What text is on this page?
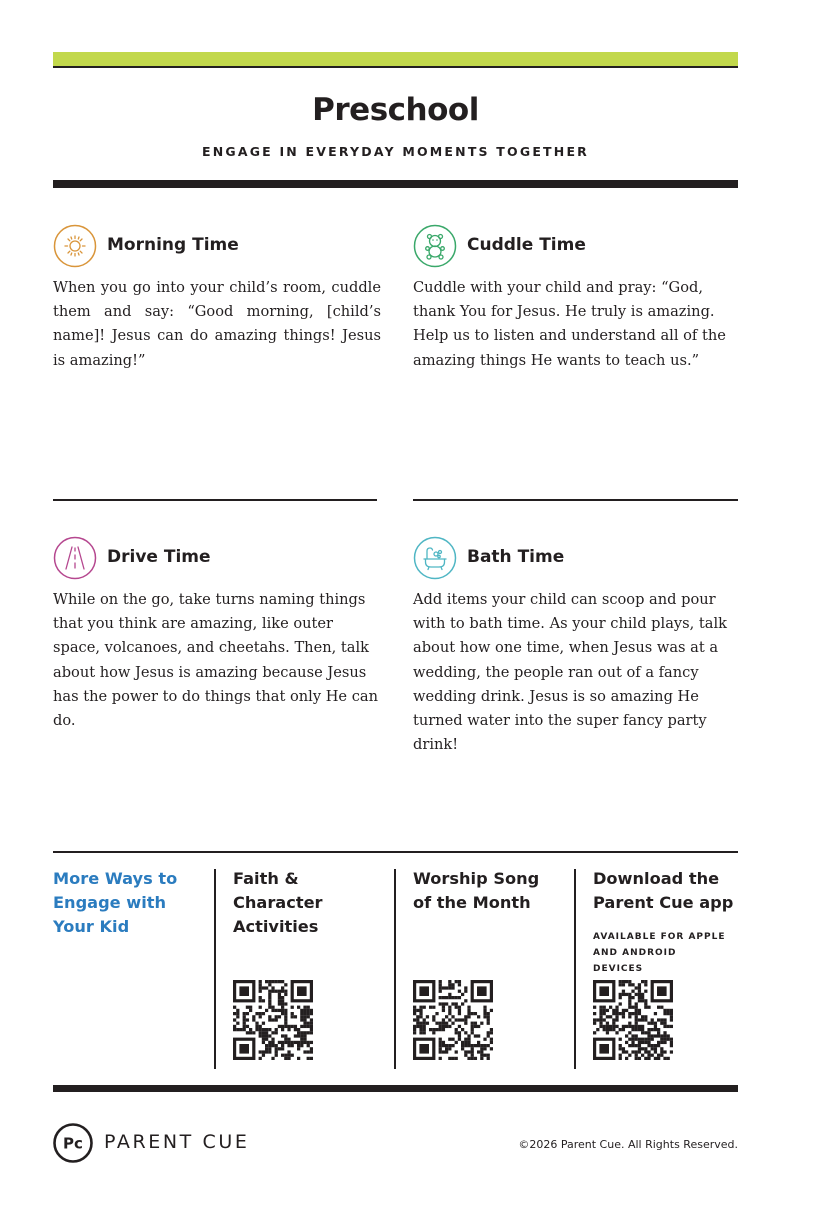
Preschool
ENGAGE IN EVERYDAY MOMENTS TOGETHER
Morning Time
When you go into your child’s room, cuddle them and say: “Good morning, [child’s name]! Jesus can do amazing things! Jesus is amazing!”
Cuddle Time
Cuddle with your child and pray: “God, thank You for Jesus. He truly is amazing. Help us to listen and understand all of the amazing things He wants to teach us.”
Drive Time
While on the go, take turns naming things that you think are amazing, like outer space, volcanoes, and cheetahs. Then, talk about how Jesus is amazing because Jesus has the power to do things that only He can do.
Bath Time
Add items your child can scoop and pour with to bath time. As your child plays, talk about how one time, when Jesus was at a wedding, the people ran out of a fancy wedding drink. Jesus is so amazing He turned water into the super fancy party drink!
More Ways to Engage with Your Kid
Faith & Character Activities
Worship Song of the Month
Download the Parent Cue app
AVAILABLE FOR APPLE AND ANDROID DEVICES
Pc PARENT CUE	©2026 Parent Cue. All Rights Reserved.
